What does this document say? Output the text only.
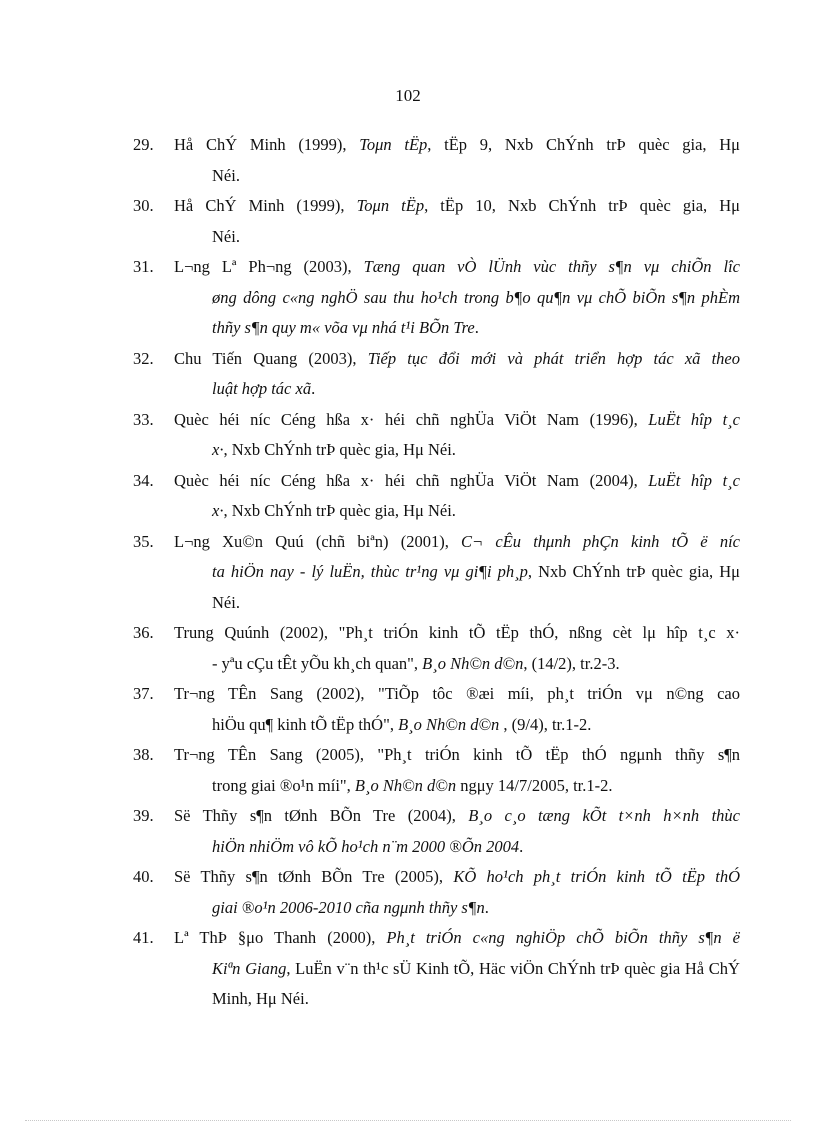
102
29.	Hå ChÝ Minh (1999), Toμn tËp, tËp 9, Nxb ChÝnh trÞ quèc gia, Hμ
Néi.
30.	Hå ChÝ Minh (1999), Toμn tËp, tËp 10, Nxb ChÝnh trÞ quèc gia, Hμ
Néi.
31.	L¬ng Lª Ph¬ng (2003), Tæng quan vÒ lÜnh vùc thñy s¶n vμ chiÕn lîc
øng dông c«ng nghÖ sau thu ho¹ch trong b¶o qu¶n vμ chÕ biÕn s¶n phÈm thñy s¶n quy m« võa vμ nhá t¹i BÕn Tre.
32.	Chu Tiến Quang (2003), Tiếp tục đổi mới và phát triển hợp tác xã theo
luật hợp tác xã.
33.	Quèc héi níc Céng hßa x· héi chñ nghÜa ViÖt Nam (1996), LuËt hîp t¸c
x·, Nxb ChÝnh trÞ quèc gia, Hμ Néi.
34.	Quèc héi níc Céng hßa x· héi chñ nghÜa ViÖt Nam (2004), LuËt hîp t¸c
x·, Nxb ChÝnh trÞ quèc gia, Hμ Néi.
35.	L¬ng Xu©n Quú (chñ biªn) (2001), C¬ cÊu thμnh phÇn kinh tÕ ë níc
ta hiÖn nay - lý luËn, thùc tr¹ng vμ gi¶i ph¸p, Nxb ChÝnh trÞ quèc gia, Hμ Néi.
36.	Trung Quúnh (2002), "Ph¸t triÓn kinh tÕ tËp thÓ, nßng cèt lμ hîp t¸c x·
- yªu cÇu tÊt yÕu kh¸ch quan", B¸o Nh©n d©n, (14/2), tr.2-3.
37.	Tr¬ng TÊn Sang (2002), "TiÕp tôc ®æi míi, ph¸t triÓn vμ n©ng cao
hiÖu qu¶ kinh tÕ tËp thÓ", B¸o Nh©n d©n , (9/4), tr.1-2.
38.	Tr¬ng TÊn Sang (2005), "Ph¸t triÓn kinh tÕ tËp thÓ ngμnh thñy s¶n
trong giai ®o¹n míi", B¸o Nh©n d©n ngμy 14/7/2005, tr.1-2.
39.	Së Thñy s¶n tØnh BÕn Tre (2004), B¸o c¸o tæng kÕt t×nh h×nh thùc
hiÖn nhiÖm vô kÕ ho¹ch n¨m 2000 ®Õn 2004.
40.	Së Thñy s¶n tØnh BÕn Tre (2005), KÕ ho¹ch ph¸t triÓn kinh tÕ tËp thÓ
giai ®o¹n 2006-2010 cña ngμnh thñy s¶n.
41.	Lª ThÞ §μo Thanh (2000), Ph¸t triÓn c«ng nghiÖp chÕ biÕn thñy s¶n ë
Kiªn Giang, LuËn v¨n th¹c sÜ Kinh tÕ, Häc viÖn ChÝnh trÞ quèc gia Hå ChÝ Minh, Hμ Néi.
